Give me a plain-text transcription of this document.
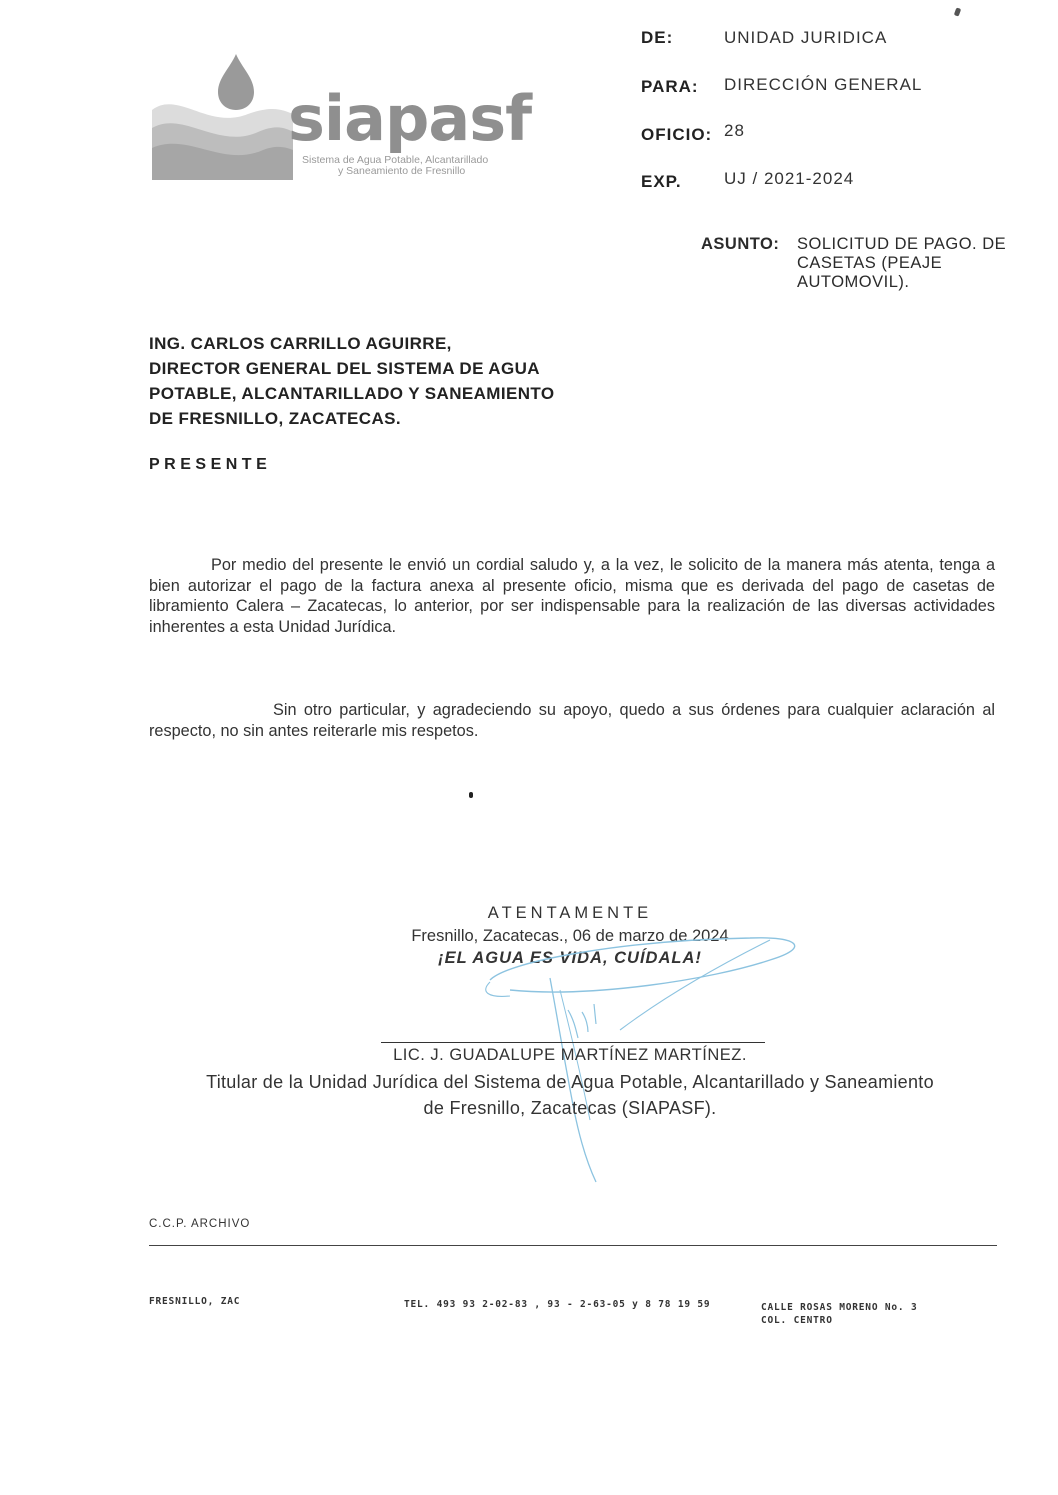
siapasf
Sistema de Agua Potable, Alcantarillado
y Saneamiento de Fresnillo
DE:	UNIDAD JURIDICA
PARA: DIRECCIÓN GENERAL
OFICIO: 28
EXP. UJ / 2021-2024
ASUNTO: SOLICITUD DE PAGO. DE CASETAS (PEAJE AUTOMOVIL).
ING. CARLOS CARRILLO AGUIRRE,
DIRECTOR GENERAL DEL SISTEMA DE AGUA
POTABLE, ALCANTARILLADO Y SANEAMIENTO
DE FRESNILLO, ZACATECAS.
PRESENTE
Por medio del presente le envió un cordial saludo y, a la vez, le solicito de la manera más atenta, tenga a bien autorizar el pago de la factura anexa al presente oficio, misma que es derivada del pago de casetas de libramiento Calera – Zacatecas, lo anterior, por ser indispensable para la realización de las diversas actividades inherentes a esta Unidad Jurídica.
Sin otro particular, y agradeciendo su apoyo, quedo a sus órdenes para cualquier aclaración al respecto, no sin antes reiterarle mis respetos.
ATENTAMENTE
Fresnillo, Zacatecas., 06 de marzo de 2024
¡EL AGUA ES VIDA, CUÍDALA!
LIC. J. GUADALUPE MARTÍNEZ MARTÍNEZ.
Titular de la Unidad Jurídica del Sistema de Agua Potable, Alcantarillado y Saneamiento
de Fresnillo, Zacatecas (SIAPASF).
C.C.P. ARCHIVO
FRESNILLO, ZAC	TEL. 493 93 2-02-83 , 93 - 2-63-05 y 8 78 19 59	CALLE ROSAS MORENO No. 3
COL. CENTRO
